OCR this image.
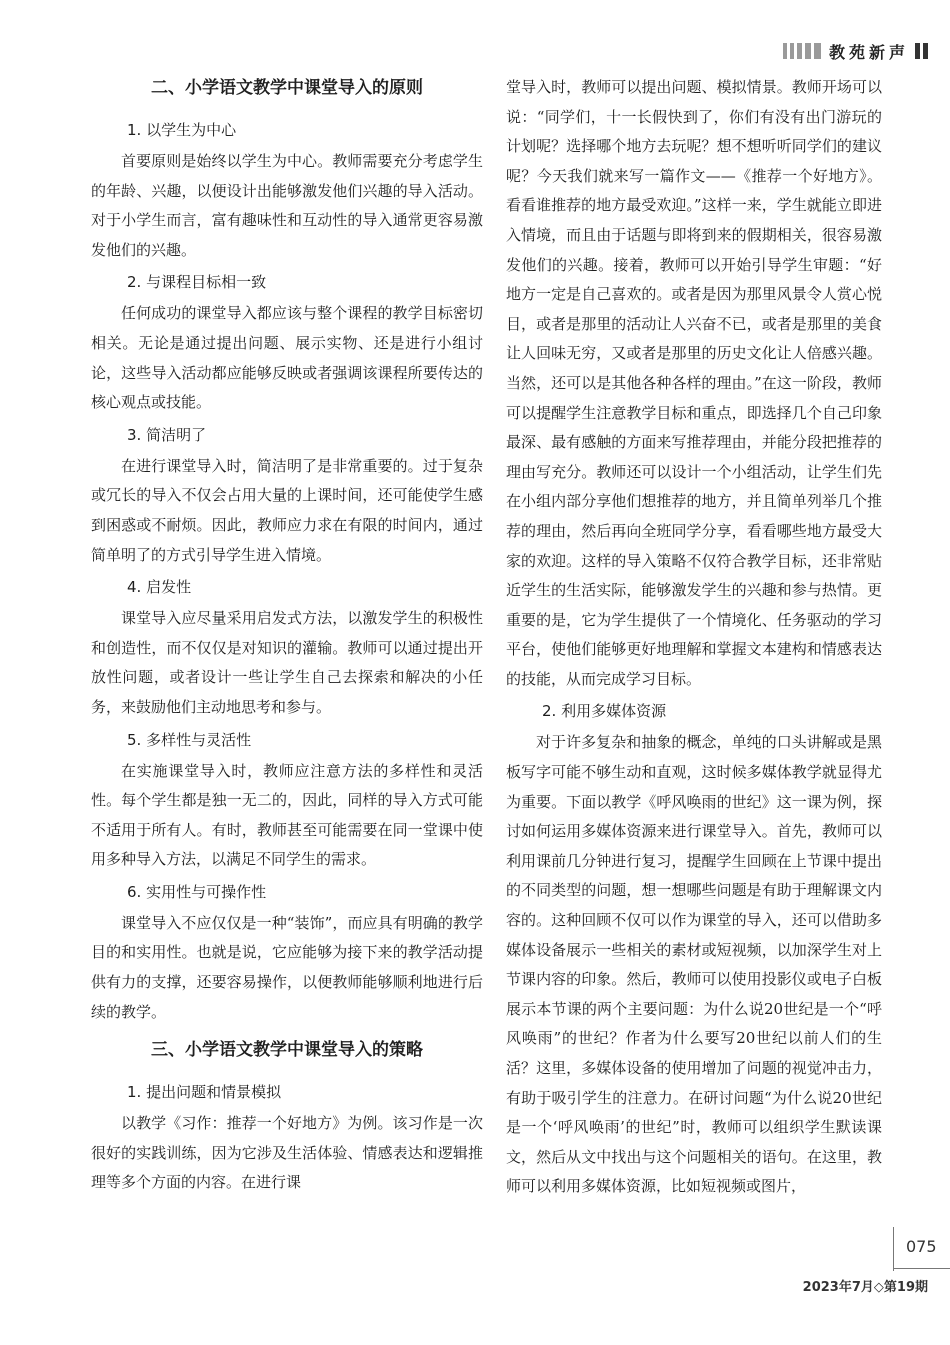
教苑新声
二、小学语文教学中课堂导入的原则
1. 以学生为中心

首要原则是始终以学生为中心。教师需要充分考虑学生的年龄、兴趣，以便设计出能够激发他们兴趣的导入活动。对于小学生而言，富有趣味性和互动性的导入通常更容易激发他们的兴趣。

2. 与课程目标相一致

任何成功的课堂导入都应该与整个课程的教学目标密切相关。无论是通过提出问题、展示实物、还是进行小组讨论，这些导入活动都应能够反映或者强调该课程所要传达的核心观点或技能。

3. 简洁明了

在进行课堂导入时，简洁明了是非常重要的。过于复杂或冗长的导入不仅会占用大量的上课时间，还可能使学生感到困惑或不耐烦。因此，教师应力求在有限的时间内，通过简单明了的方式引导学生进入情境。

4. 启发性

课堂导入应尽量采用启发式方法，以激发学生的积极性和创造性，而不仅仅是对知识的灌输。教师可以通过提出开放性问题，或者设计一些让学生自己去探索和解决的小任务，来鼓励他们主动地思考和参与。

5. 多样性与灵活性

在实施课堂导入时，教师应注意方法的多样性和灵活性。每个学生都是独一无二的，因此，同样的导入方式可能不适用于所有人。有时，教师甚至可能需要在同一堂课中使用多种导入方法，以满足不同学生的需求。

6. 实用性与可操作性

课堂导入不应仅仅是一种“装饰”，而应具有明确的教学目的和实用性。也就是说，它应能够为接下来的教学活动提供有力的支撑，还要容易操作，以便教师能够顺利地进行后续的教学。

三、小学语文教学中课堂导入的策略
1. 提出问题和情景模拟

以教学《习作：推荐一个好地方》为例。该习作是一次很好的实践训练，因为它涉及生活体验、情感表达和逻辑推理等多个方面的内容。在进行课

堂导入时，教师可以提出问题、模拟情景。教师开场可以说：“同学们，十一长假快到了，你们有没有出门游玩的计划呢？选择哪个地方去玩呢？想不想听听同学们的建议呢？今天我们就来写一篇作文——《推荐一个好地方》。看看谁推荐的地方最受欢迎。”这样一来，学生就能立即进入情境，而且由于话题与即将到来的假期相关，很容易激发他们的兴趣。接着，教师可以开始引导学生审题：“好地方一定是自己喜欢的。或者是因为那里风景令人赏心悦目，或者是那里的活动让人兴奋不已，或者是那里的美食让人回味无穷，又或者是那里的历史文化让人倍感兴趣。当然，还可以是其他各种各样的理由。”在这一阶段，教师可以提醒学生注意教学目标和重点，即选择几个自己印象最深、最有感触的方面来写推荐理由，并能分段把推荐的理由写充分。教师还可以设计一个小组活动，让学生们先在小组内部分享他们想推荐的地方，并且简单列举几个推荐的理由，然后再向全班同学分享，看看哪些地方最受大家的欢迎。这样的导入策略不仅符合教学目标，还非常贴近学生的生活实际，能够激发学生的兴趣和参与热情。更重要的是，它为学生提供了一个情境化、任务驱动的学习平台，使他们能够更好地理解和掌握文本建构和情感表达的技能，从而完成学习目标。

2. 利用多媒体资源

对于许多复杂和抽象的概念，单纯的口头讲解或是黑板写字可能不够生动和直观，这时候多媒体教学就显得尤为重要。下面以教学《呼风唤雨的世纪》这一课为例，探讨如何运用多媒体资源来进行课堂导入。首先，教师可以利用课前几分钟进行复习，提醒学生回顾在上节课中提出的不同类型的问题，想一想哪些问题是有助于理解课文内容的。这种回顾不仅可以作为课堂的导入，还可以借助多媒体设备展示一些相关的素材或短视频，以加深学生对上节课内容的印象。然后，教师可以使用投影仪或电子白板展示本节课的两个主要问题：为什么说20世纪是一个“呼风唤雨”的世纪？作者为什么要写20世纪以前人们的生活？这里，多媒体设备的使用增加了问题的视觉冲击力，有助于吸引学生的注意力。在研讨问题“为什么说20世纪是一个‘呼风唤雨’的世纪”时，教师可以组织学生默读课文，然后从文中找出与这个问题相关的语句。在这里，教师可以利用多媒体资源，比如短视频或图片，

075
2023年7月◇第19期
